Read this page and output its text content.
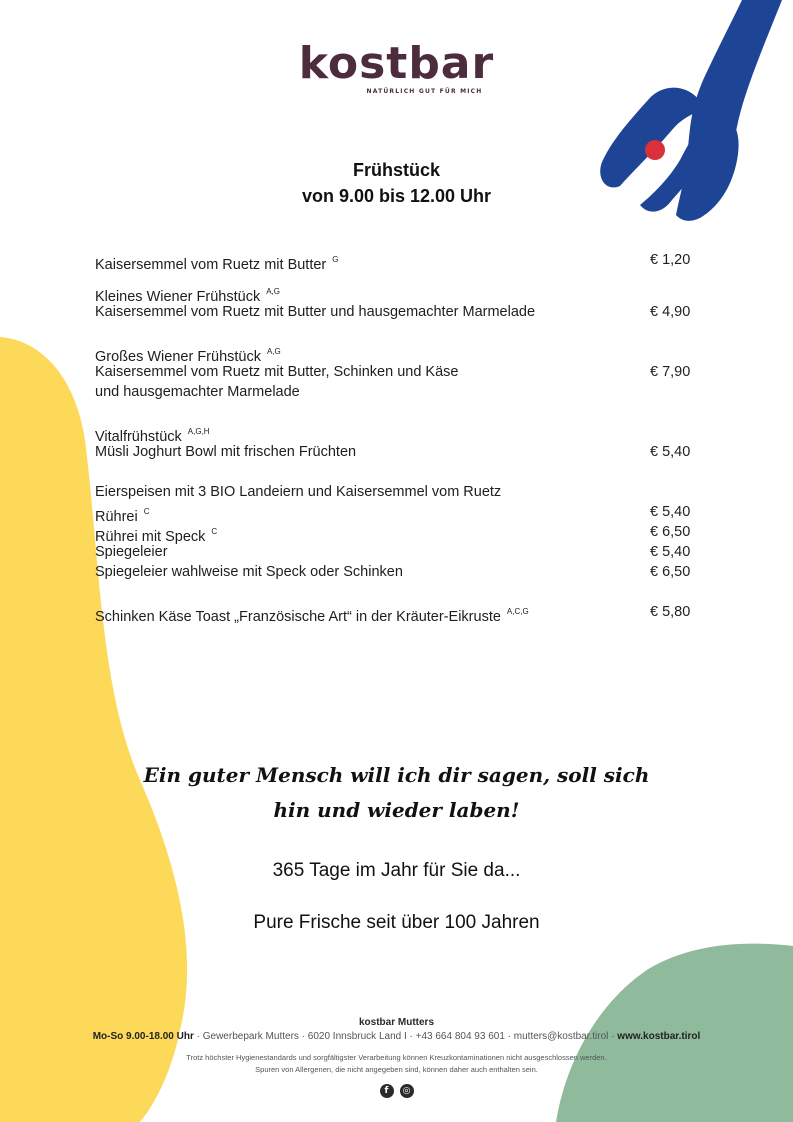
kostbar
NATÜRLICH GUT FÜR MICH
Frühstück
von 9.00 bis 12.00 Uhr
Kaisersemmel vom Ruetz mit Butter $^G$	€ 1,20
Kleines Wiener Frühstück $^{A,G}$
Kaisersemmel vom Ruetz mit Butter und hausgemachter Marmelade	€ 4,90
Großes Wiener Frühstück $^{A,G}$
Kaisersemmel vom Ruetz mit Butter, Schinken und Käse	€ 7,90
und hausgemachter Marmelade
Vitalfrühstück $^{A,G,H}$
Müsli Joghurt Bowl mit frischen Früchten	€ 5,40
Eierspeisen mit 3 BIO Landeiern und Kaisersemmel vom Ruetz
Rührei $^C$	€ 5,40
Rührei mit Speck $^C$	€ 6,50
Spiegeleier	€ 5,40
Spiegeleier wahlweise mit Speck oder Schinken	€ 6,50
Schinken Käse Toast „Französische Art“ in der Kräuter-Eikruste $^{A,C,G}$	€ 5,80
Ein guter Mensch will ich dir sagen, soll sich
hin und wieder laben!
365 Tage im Jahr für Sie da...
Pure Frische seit über 100 Jahren
kostbar Mutters
Mo-So 9.00-18.00 Uhr · Gewerbepark Mutters · 6020 Innsbruck Land I · +43 664 804 93 601 · mutters@kostbar.tirol · www.kostbar.tirol
Trotz höchster Hygienestandards und sorgfältigster Verarbeitung können Kreuzkontaminationen nicht ausgeschlossen werden.
Spuren von Allergenen, die nicht angegeben sind, können daher auch enthalten sein.
f	◎
